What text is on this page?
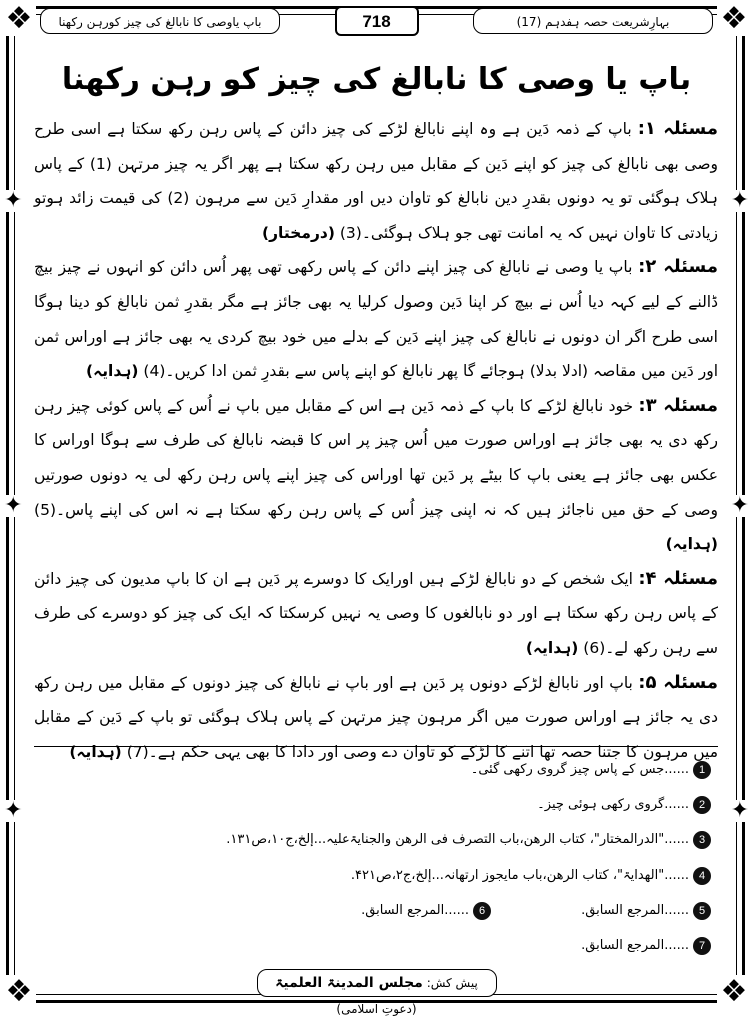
❖	❖
❖	❖
✦
✦
✦
✦
✦
✦
بہارِشریعت حصہ ہفدہم (17)
718
باپ یاوصی کا نابالغ کی چیز کورہن رکھنا
باپ یا وصی کا نابالغ کی چیز کو رہن رکھنا

مسئلہ ۱: باپ کے ذمہ دَین ہے وہ اپنے نابالغ لڑکے کی چیز دائن کے پاس رہن رکھ سکتا ہے اسی طرح وصی بھی نابالغ کی چیز کو اپنے دَین کے مقابل میں رہن رکھ سکتا ہے پھر اگر یہ چیز مرتہن (1) کے پاس ہلاک ہوگئی تو یہ دونوں بقدرِ دین نابالغ کو تاوان دیں اور مقدارِ دَین سے مرہون (2) کی قیمت زائد ہوتو زیادتی کا تاوان نہیں کہ یہ امانت تھی جو ہلاک ہوگئی۔(3) (درمختار)

مسئلہ ۲: باپ یا وصی نے نابالغ کی چیز اپنے دائن کے پاس رکھی تھی پھر اُس دائن کو انہوں نے چیز بیچ ڈالنے کے لیے کہہ دیا اُس نے بیچ کر اپنا دَین وصول کرلیا یہ بھی جائز ہے مگر بقدرِ ثمن نابالغ کو دینا ہوگا اسی طرح اگر ان دونوں نے نابالغ کی چیز اپنے دَین کے بدلے میں خود بیچ کردی یہ بھی جائز ہے اوراس ثمن اور دَین میں مقاصہ (ادلا بدلا) ہوجائے گا پھر نابالغ کو اپنے پاس سے بقدرِ ثمن ادا کریں۔(4) (ہدایہ)

مسئلہ ۳: خود نابالغ لڑکے کا باپ کے ذمہ دَین ہے اس کے مقابل میں باپ نے اُس کے پاس کوئی چیز رہن رکھ دی یہ بھی جائز ہے اوراس صورت میں اُس چیز پر اس کا قبضہ نابالغ کی طرف سے ہوگا اوراس کا عکس بھی جائز ہے یعنی باپ کا بیٹے پر دَین تھا اوراس کی چیز اپنے پاس رہن رکھ لی یہ دونوں صورتیں وصی کے حق میں ناجائز ہیں کہ نہ اپنی چیز اُس کے پاس رہن رکھ سکتا ہے نہ اس کی اپنے پاس۔(5) (ہدایہ)

مسئلہ ۴: ایک شخص کے دو نابالغ لڑکے ہیں اورایک کا دوسرے پر دَین ہے ان کا باپ مدیون کی چیز دائن کے پاس رہن رکھ سکتا ہے اور دو نابالغوں کا وصی یہ نہیں کرسکتا کہ ایک کی چیز کو دوسرے کی طرف سے رہن رکھ لے۔(6) (ہدایہ)

مسئلہ ۵: باپ اور نابالغ لڑکے دونوں پر دَین ہے اور باپ نے نابالغ کی چیز دونوں کے مقابل میں رہن رکھ دی یہ جائز ہے اوراس صورت میں اگر مرہون چیز مرتہن کے پاس ہلاک ہوگئی تو باپ کے دَین کے مقابل میں مرہون کا جتنا حصہ تھا اتنے کا لڑکے کو تاوان دے وصی اور دادا کا بھی یہی حکم ہے۔(7) (ہدایہ)

1......جس کے پاس چیز گروی رکھی گئی۔
2......گروی رکھی ہوئی چیز۔
3......"الدرالمختار"، کتاب الرھن،باب التصرف فی الرھن والجنایۃعلیہ...إلخ،ج۱۰،ص۱۳۱.
4......"الھدایۃ"، کتاب الرھن،باب مایجوز ارتھانہ...إلخ،ج۲،ص۴۲۱.
5......المرجع السابق.
6......المرجع السابق.
7......المرجع السابق.
پیش کش: مجلس المدینۃ العلمیۃ (دعوتِ اسلامی)
